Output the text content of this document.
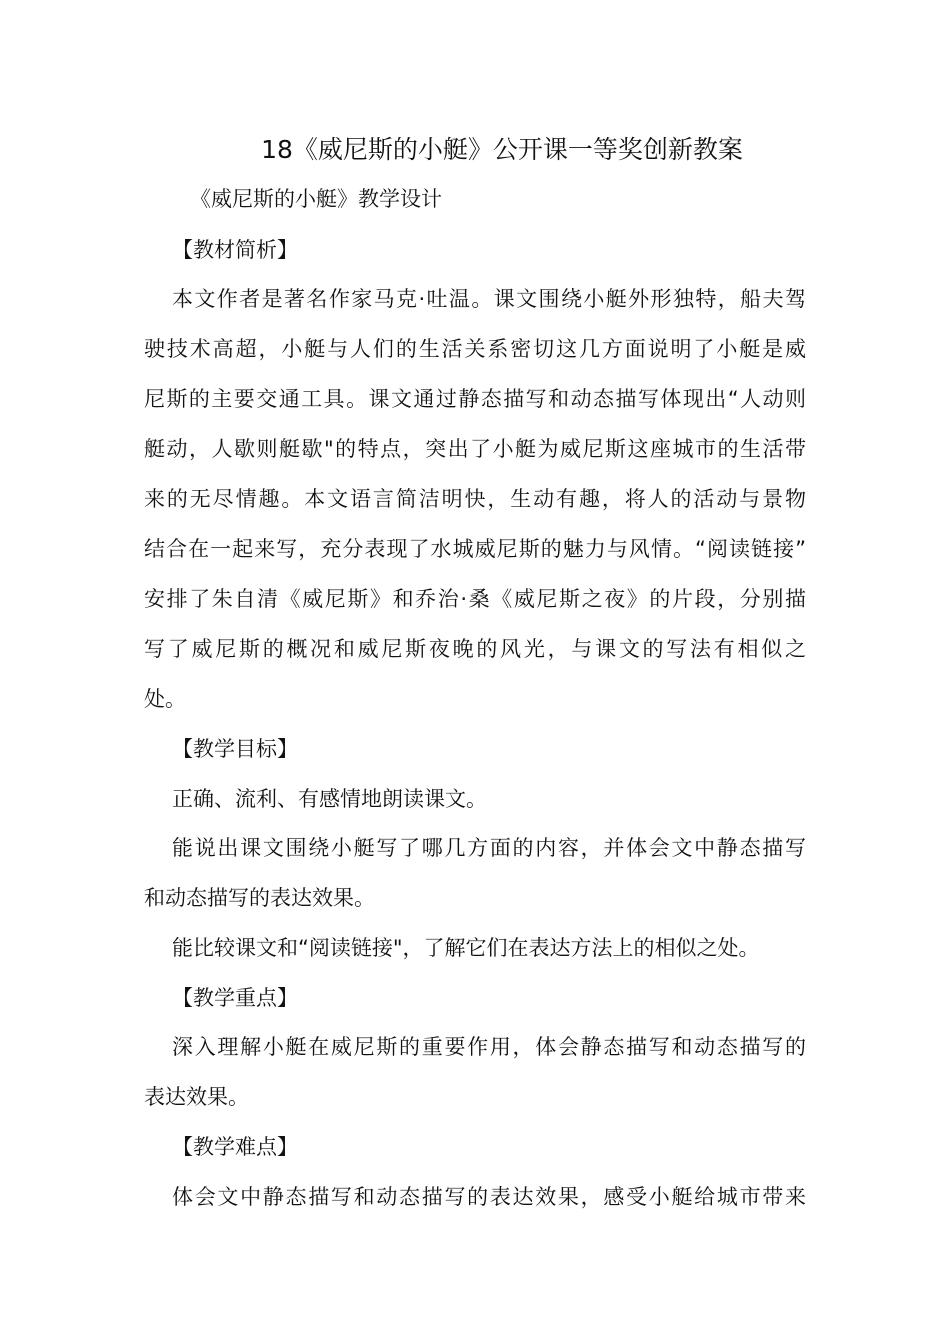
18《威尼斯的小艇》公开课一等奖创新教案
《威尼斯的小艇》教学设计
【教材简析】
本文作者是著名作家马克·吐温。课文围绕小艇外形独特，船夫驾
驶技术高超，小艇与人们的生活关系密切这几方面说明了小艇是威
尼斯的主要交通工具。课文通过静态描写和动态描写体现出“人动则
艇动，人歇则艇歇"的特点，突出了小艇为威尼斯这座城市的生活带
来的无尽情趣。本文语言简洁明快，生动有趣，将人的活动与景物
结合在一起来写，充分表现了水城威尼斯的魅力与风情。“阅读链接”
安排了朱自清《威尼斯》和乔治·桑《威尼斯之夜》的片段，分别描
写了威尼斯的概况和威尼斯夜晚的风光，与课文的写法有相似之
处。
【教学目标】
正确、流利、有感情地朗读课文。
能说出课文围绕小艇写了哪几方面的内容，并体会文中静态描写
和动态描写的表达效果。
能比较课文和“阅读链接"，了解它们在表达方法上的相似之处。
【教学重点】
深入理解小艇在威尼斯的重要作用，体会静态描写和动态描写的
表达效果。
【教学难点】
体会文中静态描写和动态描写的表达效果，感受小艇给城市带来
